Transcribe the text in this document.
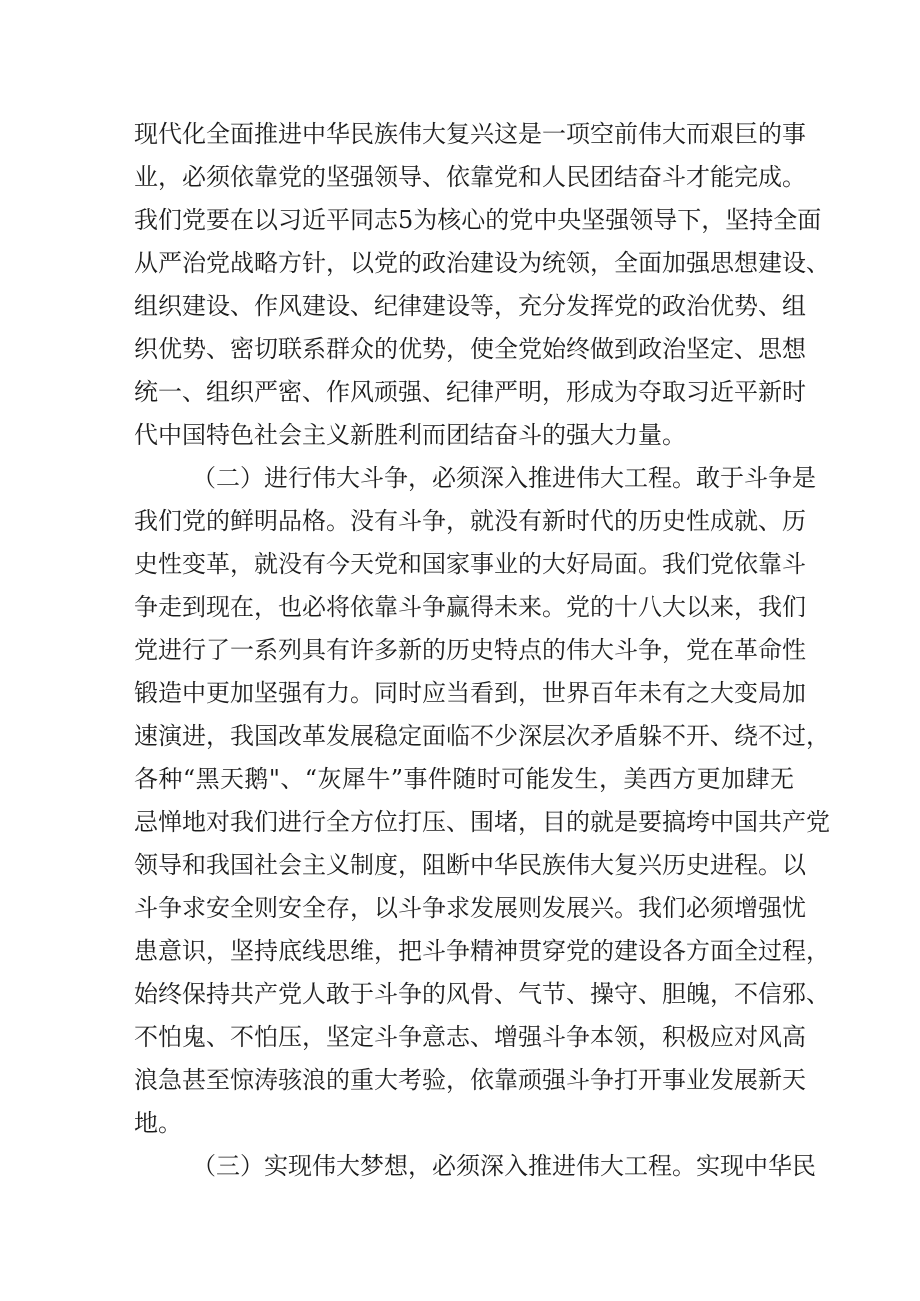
现代化全面推进中华民族伟大复兴这是一项空前伟大而艰巨的事
业，必须依靠党的坚强领导、依靠党和人民团结奋斗才能完成。
我们党要在以习近平同志5为核心的党中央坚强领导下，坚持全面
从严治党战略方针，以党的政治建设为统领，全面加强思想建设、
组织建设、作风建设、纪律建设等，充分发挥党的政治优势、组
织优势、密切联系群众的优势，使全党始终做到政治坚定、思想
统一、组织严密、作风顽强、纪律严明，形成为夺取习近平新时
代中国特色社会主义新胜利而团结奋斗的强大力量。
（二）进行伟大斗争，必须深入推进伟大工程。敢于斗争是
我们党的鲜明品格。没有斗争，就没有新时代的历史性成就、历
史性变革，就没有今天党和国家事业的大好局面。我们党依靠斗
争走到现在，也必将依靠斗争赢得未来。党的十八大以来，我们
党进行了一系列具有许多新的历史特点的伟大斗争，党在革命性
锻造中更加坚强有力。同时应当看到，世界百年未有之大变局加
速演进，我国改革发展稳定面临不少深层次矛盾躲不开、绕不过，
各种“黑天鹅"、“灰犀牛”事件随时可能发生，美西方更加肆无
忌惮地对我们进行全方位打压、围堵，目的就是要搞垮中国共产党
领导和我国社会主义制度，阻断中华民族伟大复兴历史进程。以
斗争求安全则安全存，以斗争求发展则发展兴。我们必须增强忧
患意识，坚持底线思维，把斗争精神贯穿党的建设各方面全过程，
始终保持共产党人敢于斗争的风骨、气节、操守、胆魄，不信邪、
不怕鬼、不怕压，坚定斗争意志、增强斗争本领，积极应对风高
浪急甚至惊涛骇浪的重大考验，依靠顽强斗争打开事业发展新天
地。
（三）实现伟大梦想，必须深入推进伟大工程。实现中华民
